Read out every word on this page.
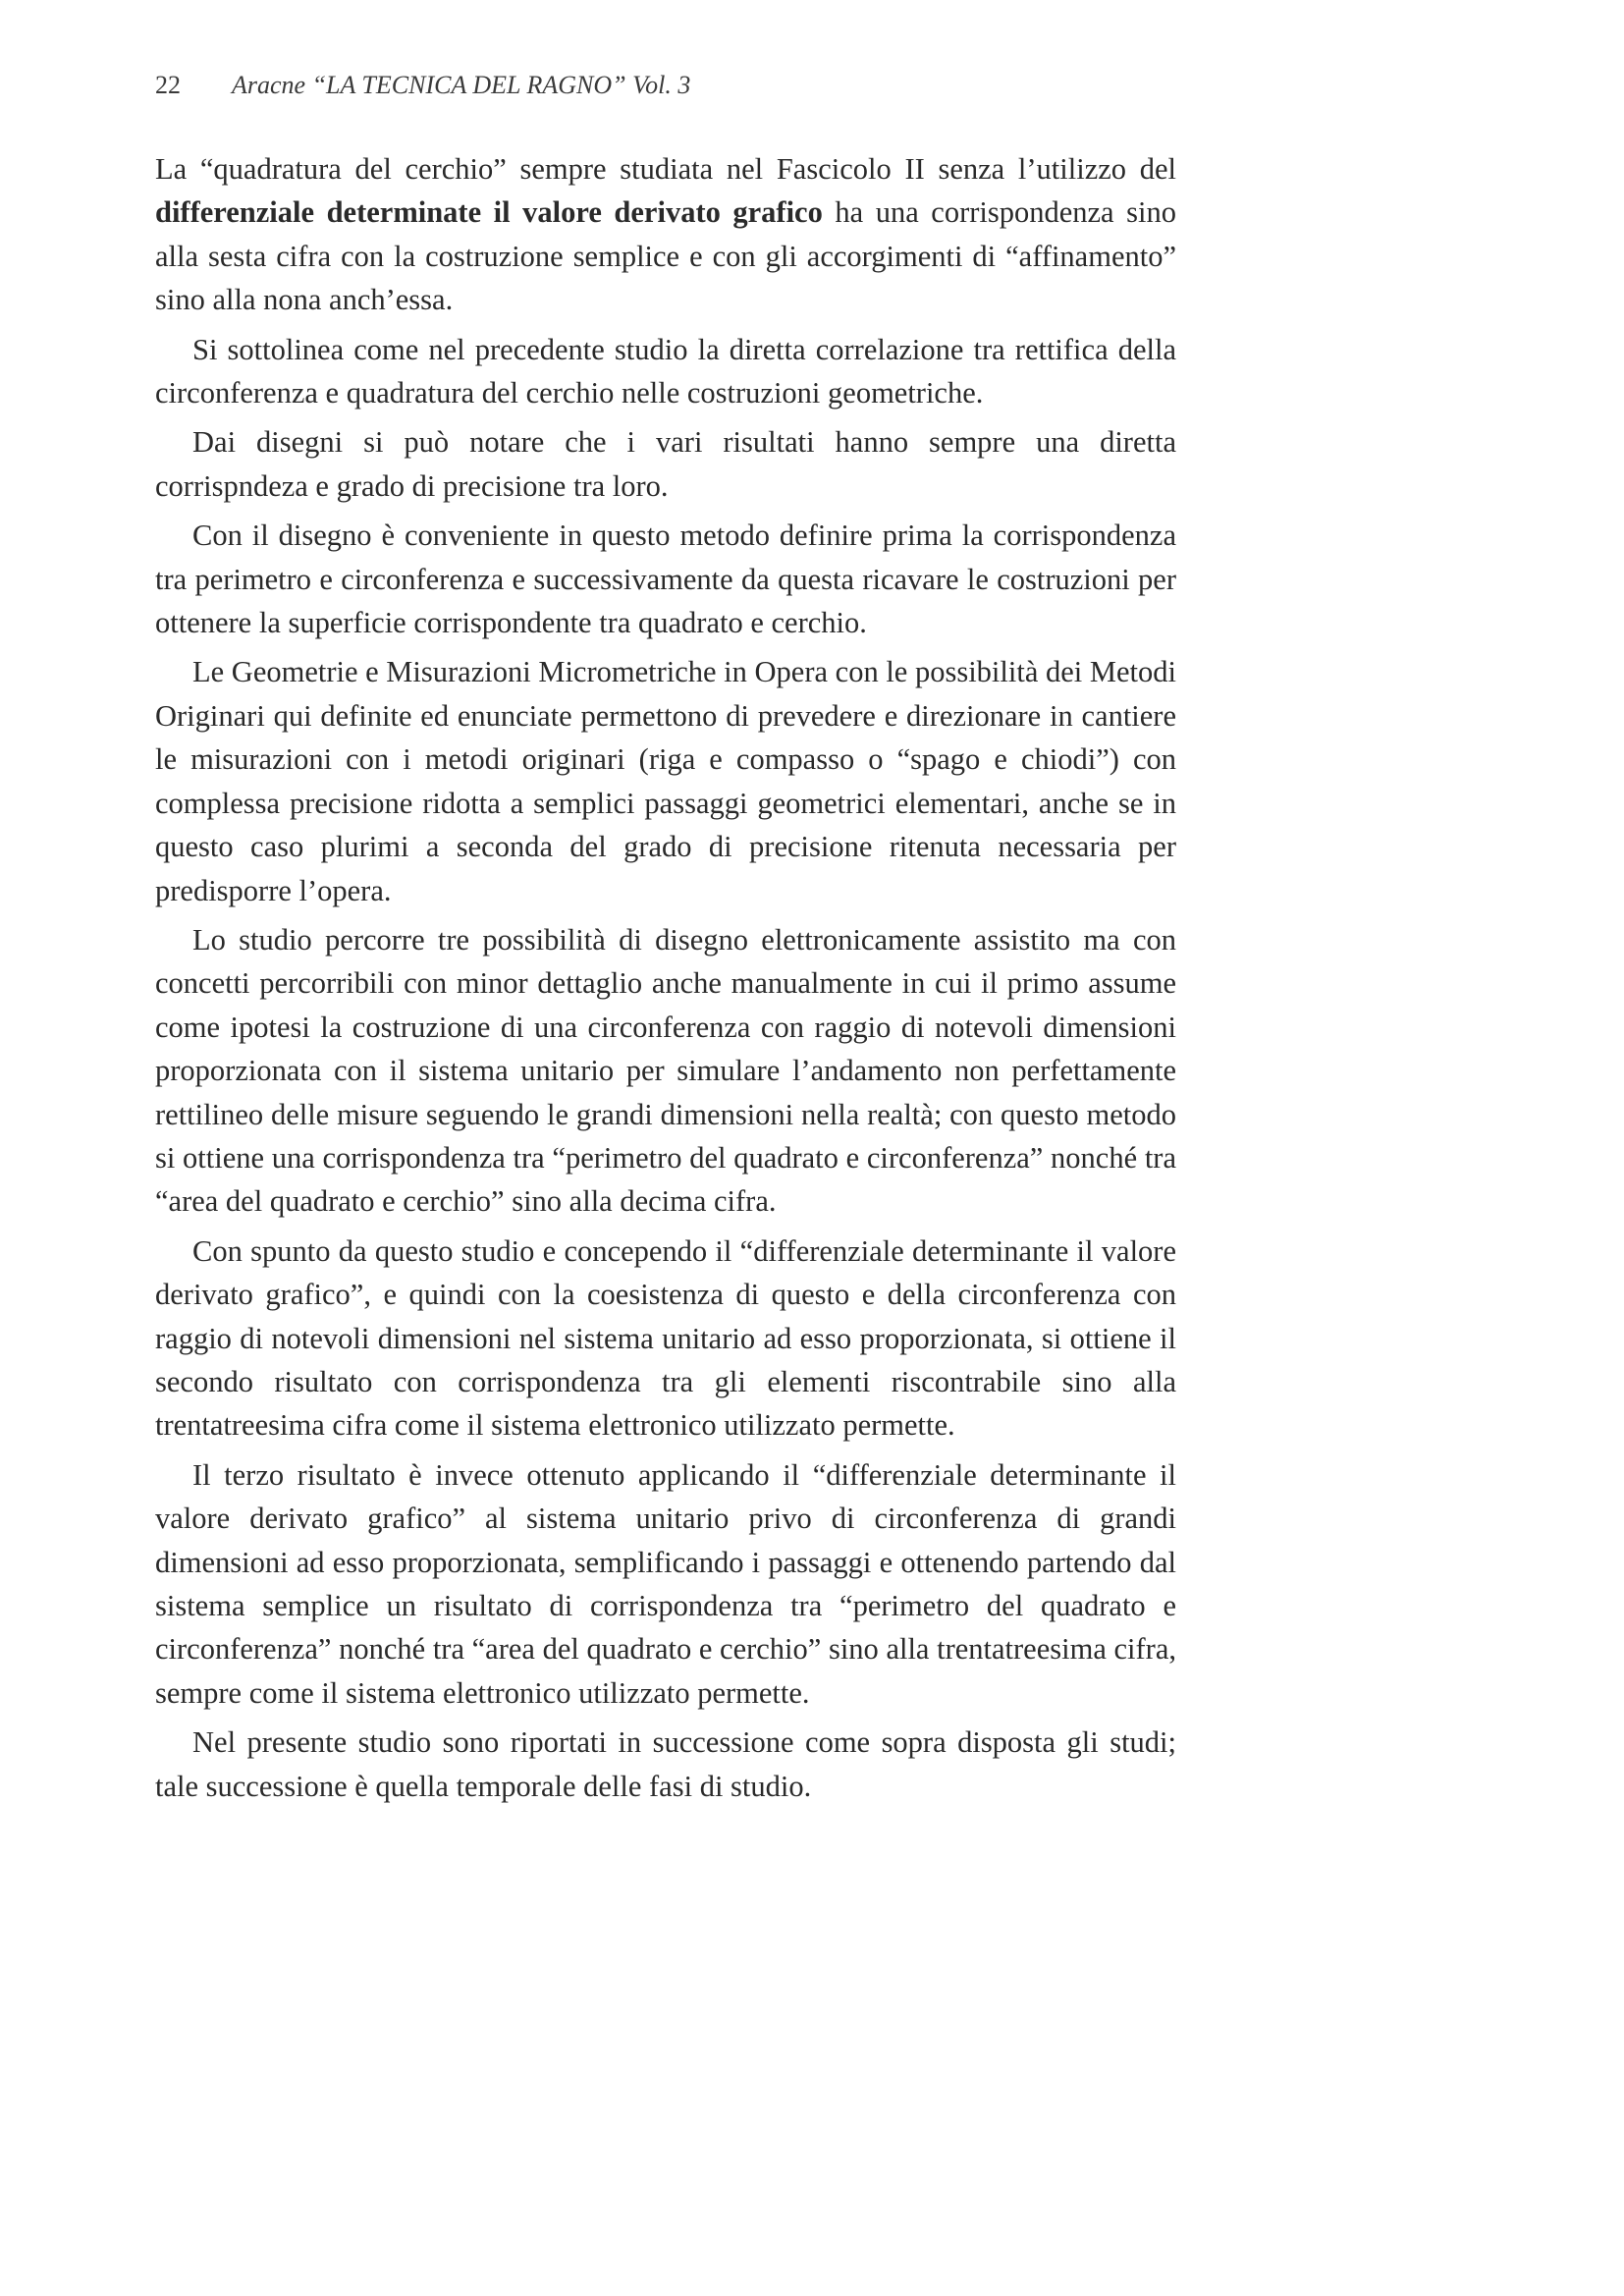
22 Aracne “LA TECNICA DEL RAGNO” Vol. 3

La “quadratura del cerchio” sempre studiata nel Fascicolo II senza l’utilizzo del differenziale determinate il valore derivato grafico ha una corrispondenza sino alla sesta cifra con la costruzione semplice e con gli accorgimenti di “affinamento” sino alla nona anch’essa.

Si sottolinea come nel precedente studio la diretta correlazione tra rettifica della circonferenza e quadratura del cerchio nelle costruzioni geometriche.

Dai disegni si può notare che i vari risultati hanno sempre una diretta corrispndeza e grado di precisione tra loro.

Con il disegno è conveniente in questo metodo definire prima la corrispondenza tra perimetro e circonferenza e successivamente da questa ricavare le costruzioni per ottenere la superficie corrispondente tra quadrato e cerchio.

Le Geometrie e Misurazioni Micrometriche in Opera con le possibilità dei Metodi Originari qui definite ed enunciate permettono di prevedere e direzionare in cantiere le misurazioni con i metodi originari (riga e compasso o “spago e chiodi”) con complessa precisione ridotta a semplici passaggi geometrici elementari, anche se in questo caso plurimi a seconda del grado di precisione ritenuta necessaria per predisporre l’opera.

Lo studio percorre tre possibilità di disegno elettronicamente assistito ma con concetti percorribili con minor dettaglio anche manualmente in cui il primo assume come ipotesi la costruzione di una circonferenza con raggio di notevoli dimensioni proporzionata con il sistema unitario per simulare l’andamento non perfettamente rettilineo delle misure seguendo le grandi dimensioni nella realtà; con questo metodo si ottiene una corrispondenza tra “perimetro del quadrato e circonferenza” nonché tra “area del quadrato e cerchio” sino alla decima cifra.

Con spunto da questo studio e concependo il “differenziale determinante il valore derivato grafico”, e quindi con la coesistenza di questo e della circonferenza con raggio di notevoli dimensioni nel sistema unitario ad esso proporzionata, si ottiene il secondo risultato con corrispondenza tra gli elementi riscontrabile sino alla trentatreesima cifra come il sistema elettronico utilizzato permette.

Il terzo risultato è invece ottenuto applicando il “differenziale determinante il valore derivato grafico” al sistema unitario privo di circonferenza di grandi dimensioni ad esso proporzionata, semplificando i passaggi e ottenendo partendo dal sistema semplice un risultato di corrispondenza tra “perimetro del quadrato e circonferenza” nonché tra “area del quadrato e cerchio” sino alla trentatreesima cifra, sempre come il sistema elettronico utilizzato permette.

Nel presente studio sono riportati in successione come sopra disposta gli studi; tale successione è quella temporale delle fasi di studio.
